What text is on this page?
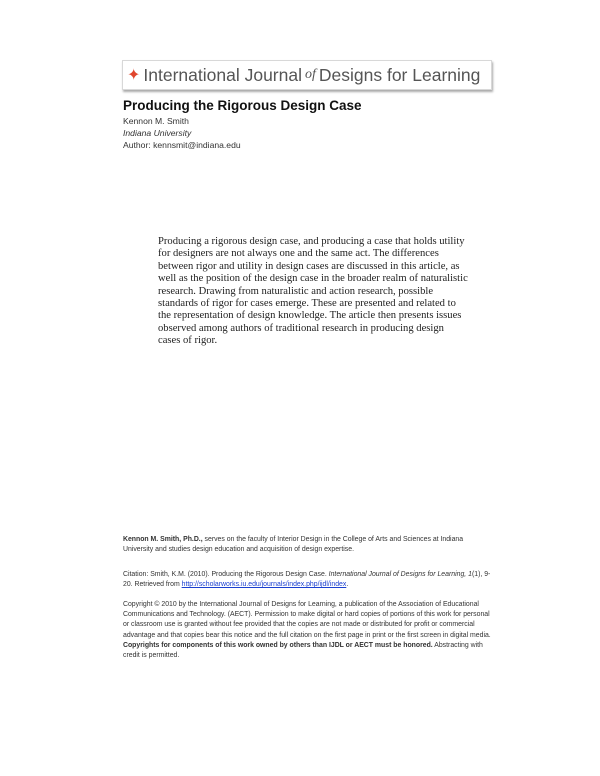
✦ International Journal of Designs for Learning
Producing the Rigorous Design Case
Kennon M. Smith
Indiana University
Author: kennsmit@indiana.edu
Producing a rigorous design case, and producing a case that holds utility for designers are not always one and the same act. The differences between rigor and utility in design cases are discussed in this article, as well as the position of the design case in the broader realm of naturalistic research. Drawing from naturalistic and action research, possible standards of rigor for cases emerge. These are presented and related to the representation of design knowledge. The article then presents issues observed among authors of traditional research in producing design cases of rigor.
Kennon M. Smith, Ph.D., serves on the faculty of Interior Design in the College of Arts and Sciences at Indiana University and studies design education and acquisition of design expertise.
Citation: Smith, K.M. (2010). Producing the Rigorous Design Case. International Journal of Designs for Learning, 1(1), 9-20. Retrieved from http://scholarworks.iu.edu/journals/index.php/ijdl/index.
Copyright © 2010 by the International Journal of Designs for Learning, a publication of the Association of Educational Communications and Technology. (AECT). Permission to make digital or hard copies of portions of this work for personal or classroom use is granted without fee provided that the copies are not made or distributed for profit or commercial advantage and that copies bear this notice and the full citation on the first page in print or the first screen in digital media. Copyrights for components of this work owned by others than IJDL or AECT must be honored. Abstracting with credit is permitted.
